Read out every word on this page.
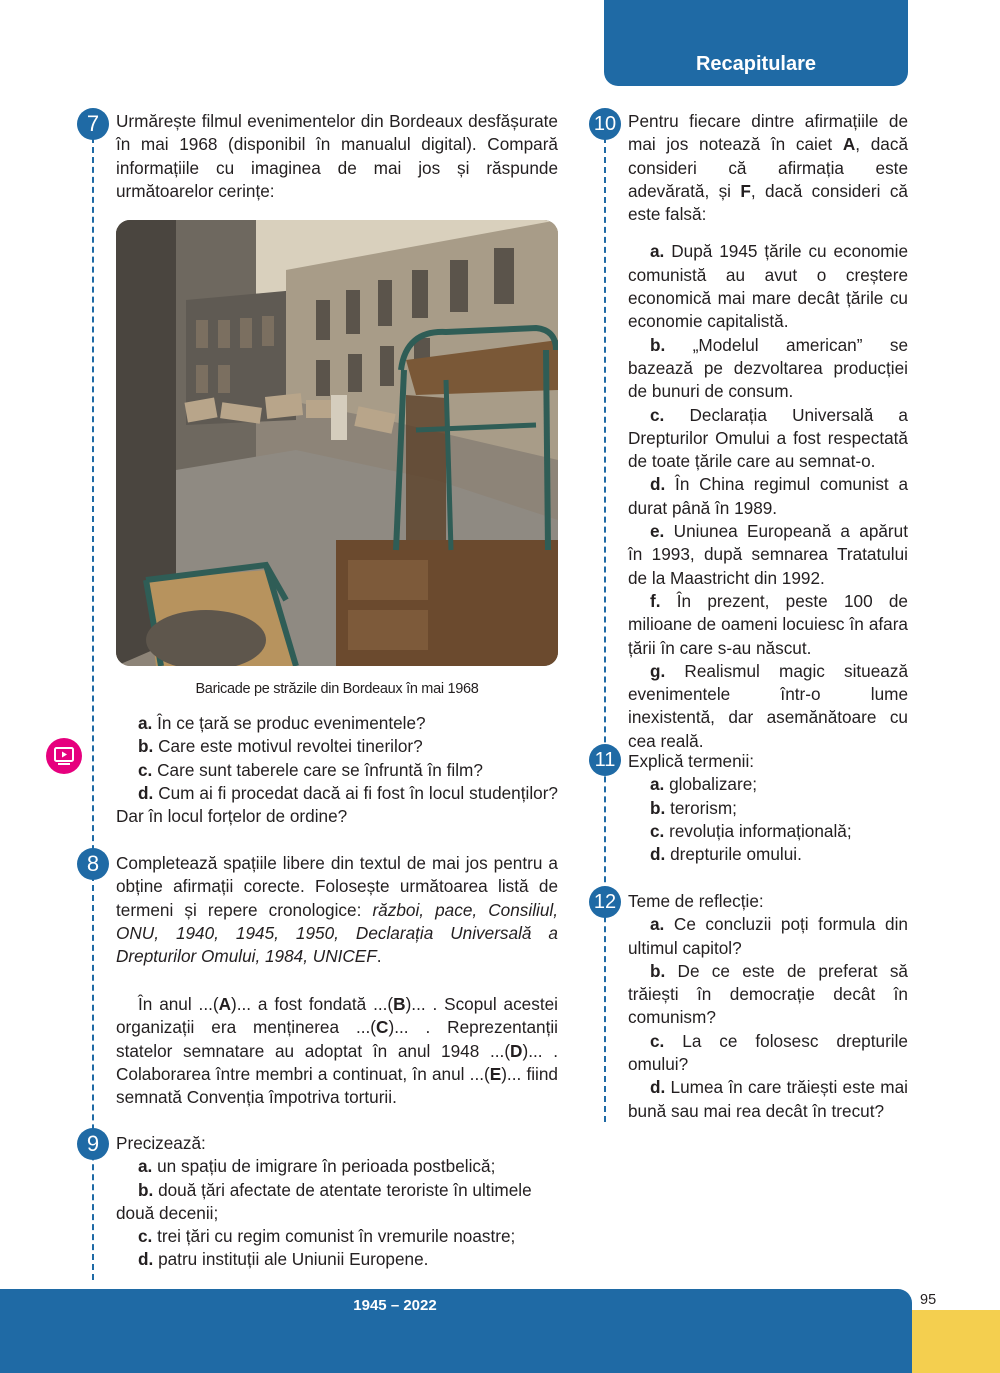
Recapitulare
7 Urmărește filmul evenimentelor din Bordeaux desfășurate în mai 1968 (disponibil în manualul digital). Compară informațiile cu imaginea de mai jos și răspunde următoarelor cerințe:
Baricade pe străzile din Bordeaux în mai 1968
a. În ce țară se produc evenimentele?
b. Care este motivul revoltei tinerilor?
c. Care sunt taberele care se înfruntă în film?
d. Cum ai fi procedat dacă ai fi fost în locul studenților? Dar în locul forțelor de ordine?
8 Completează spațiile libere din textul de mai jos pentru a obține afirmații corecte. Folosește următoarea listă de termeni și repere cronologice: război, pace, Consiliul, ONU, 1940, 1945, 1950, Declarația Universală a Drepturilor Omului, 1984, UNICEF.
În anul ...(A)... a fost fondată ...(B)... . Scopul acestei organizații era menținerea ...(C)... . Reprezentanții statelor semnatare au adoptat în anul 1948 ...(D)... . Colaborarea între membri a continuat, în anul ...(E)... fiind semnată Convenția împotriva torturii.
9 Precizează:
a. un spațiu de imigrare în perioada postbelică;
b. două țări afectate de atentate teroriste în ultimele două decenii;
c. trei țări cu regim comunist în vremurile noastre;
d. patru instituții ale Uniunii Europene.
10 Pentru fiecare dintre afirmațiile de mai jos notează în caiet A, dacă consideri că afirmația este adevărată, și F, dacă consideri că este falsă:
a. După 1945 țările cu economie comunistă au avut o creștere economică mai mare decât țările cu economie capitalistă.
b. „Modelul american” se bazează pe dezvoltarea producției de bunuri de consum.
c. Declarația Universală a Drepturilor Omului a fost respectată de toate țările care au semnat-o.
d. În China regimul comunist a durat până în 1989.
e. Uniunea Europeană a apărut în 1993, după semnarea Tratatului de la Maastricht din 1992.
f. În prezent, peste 100 de milioane de oameni locuiesc în afara țării în care s-au născut.
g. Realismul magic situează evenimentele într-o lume inexistentă, dar asemănătoare cu cea reală.
11 Explică termenii:
a. globalizare;
b. terorism;
c. revoluția informațională;
d. drepturile omului.
12 Teme de reflecție:
a. Ce concluzii poți formula din ultimul capitol?
b. De ce este de preferat să trăiești în democrație decât în comunism?
c. La ce folosesc drepturile omului?
d. Lumea în care trăiești este mai bună sau mai rea decât în trecut?
1945 – 2022	95
